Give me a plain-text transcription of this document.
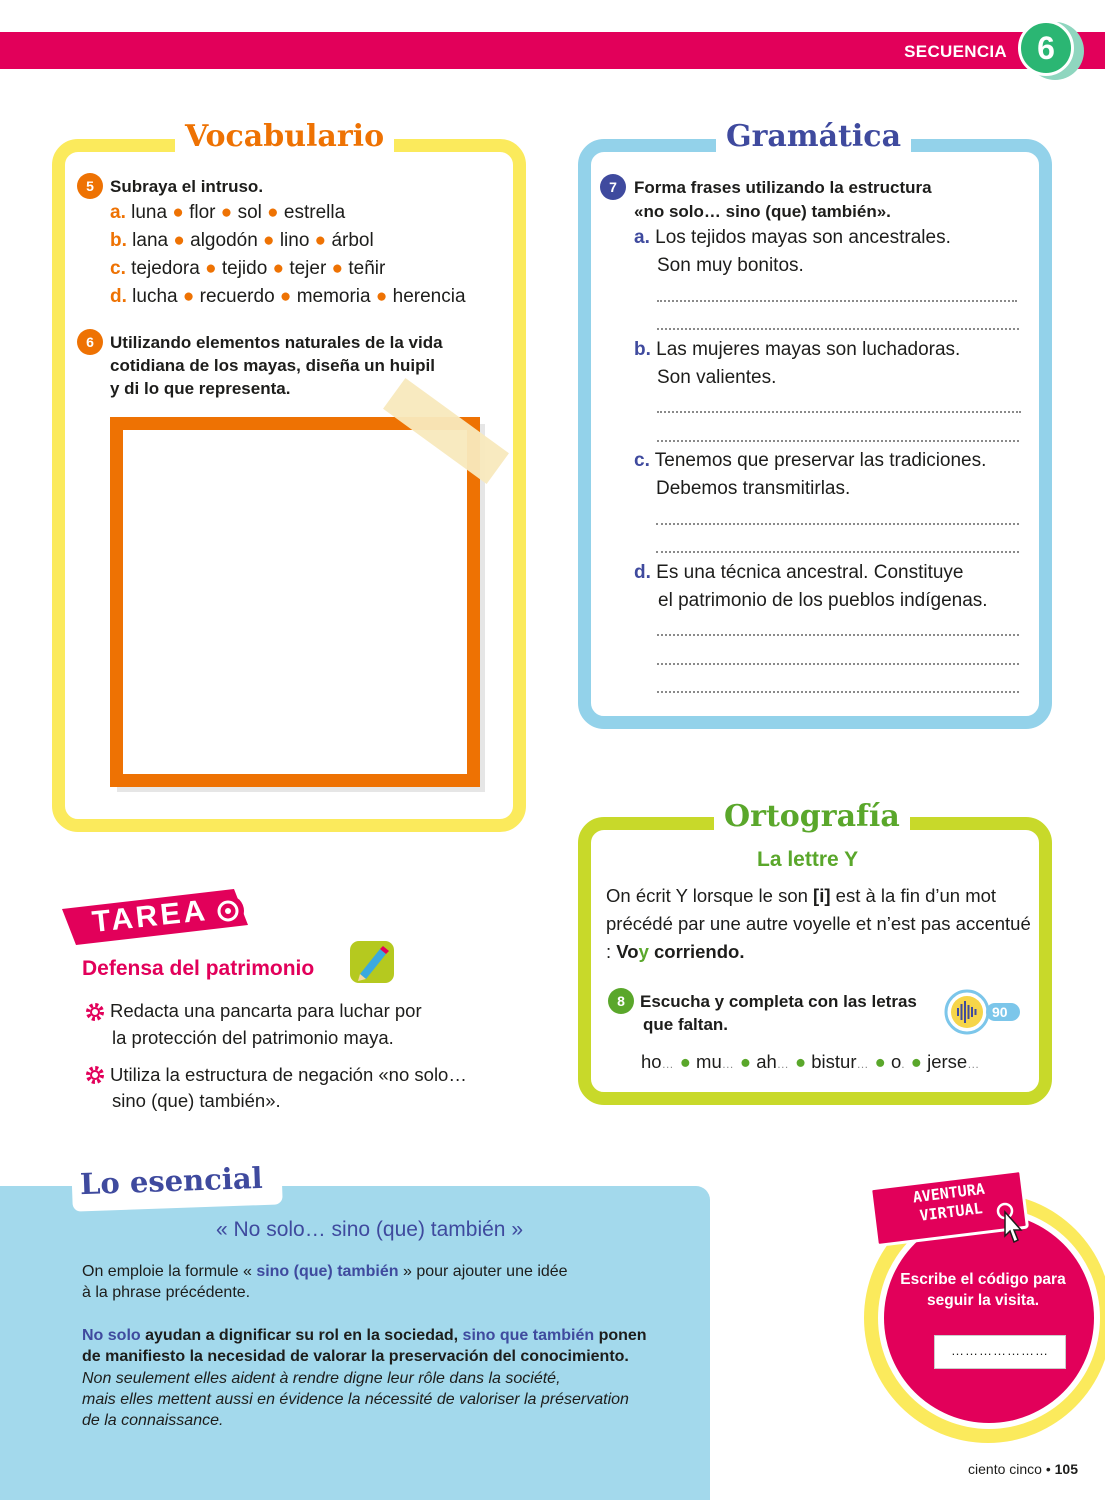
SECUENCIA 6
Vocabulario
5 Subraya el intruso.
a. luna ● flor ● sol ● estrella
b. lana ● algodón ● lino ● árbol
c. tejedora ● tejido ● tejer ● teñir
d. lucha ● recuerdo ● memoria ● herencia
6 Utilizando elementos naturales de la vida
cotidiana de los mayas, diseña un huipil
y di lo que representa.
Gramática
7	Forma frases utilizando la estructura
«no solo… sino (que) también».
a. Los tejidos mayas son ancestrales.
Son muy bonitos.
b. Las mujeres mayas son luchadoras.
Son valientes.
c. Tenemos que preservar las tradiciones.
Debemos transmitirlas.
d. Es una técnica ancestral. Constituye
el patrimonio de los pueblos indígenas.
Ortografía
La lettre Y
On écrit Y lorsque le son [i] est à la fin d’un mot précédé par une autre voyelle et n’est pas accentué : Voy corriendo.
8 Escucha y completa con las letras
que faltan.
90
ho… ● mu… ● ah… ● bistur… ● o. ● jerse…
TAREA
Defensa del patrimonio
Redacta una pancarta para luchar por
la protección del patrimonio maya.
Utiliza la estructura de negación «no solo…
sino (que) también».
Lo esencial
« No solo… sino (que) también »
On emploie la formule « sino (que) también » pour ajouter une idée
à la phrase précédente.
No solo ayudan a dignificar su rol en la sociedad, sino que también ponen
de manifiesto la necesidad de valorar la preservación del conocimiento.
Non seulement elles aident à rendre digne leur rôle dans la société,
mais elles mettent aussi en évidence la nécessité de valoriser la préservation
de la connaissance.
AVENTURA
VIRTUAL
Escribe el código para seguir la visita.
…………………
ciento cinco • 105
